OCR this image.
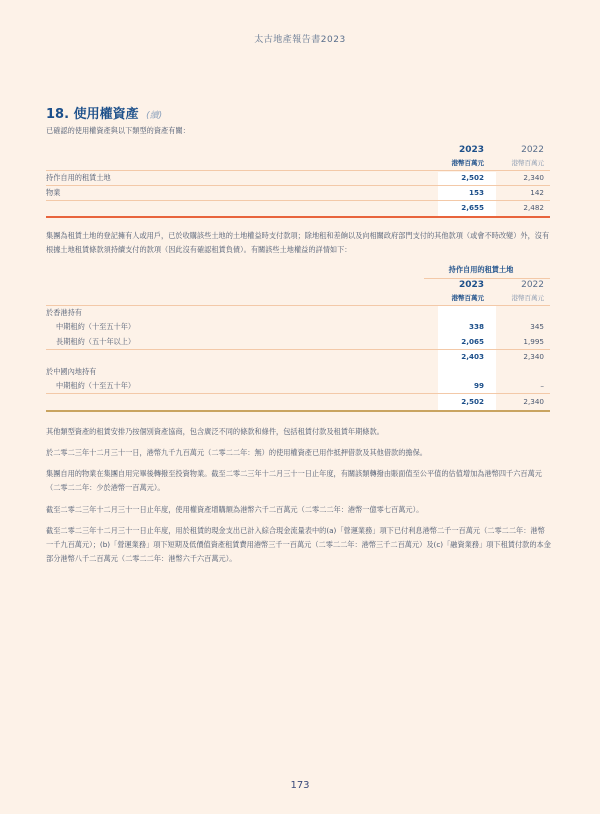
太古地產報告書2023
18. 使用權資產 (續)
已確認的使用權資產與以下類型的資產有關：
2023	2022
港幣百萬元	港幣百萬元
持作自用的租賃土地	2,502	2,340
物業	153	142
2,655	2,482
集團為租賃土地的登記擁有人或用戶，已於收購該些土地的土地權益時支付款項；除地租和差餉以及向相關政府部門支付的其他款項（或會不時改變）外，沒有根據土地租賃條款須持續支付的款項（因此沒有確認租賃負債）。有關該些土地權益的詳情如下：
持作自用的租賃土地
2023	2022
港幣百萬元	港幣百萬元
於香港持有
中期租約（十至五十年）	338	345
長期租約（五十年以上）	2,065	1,995
2,403	2,340
於中國內地持有
中期租約（十至五十年）	99	–
2,502	2,340
其他類型資產的租賃安排乃按個別資產協商，包含廣泛不同的條款和條件，包括租賃付款及租賃年期條款。
於二零二三年十二月三十一日，港幣九千九百萬元（二零二二年：無）的使用權資產已用作抵押借款及其他借款的擔保。
集團自用的物業在集團自用完畢後轉撥至投資物業。截至二零二三年十二月三十一日止年度，有關該類轉撥由賬面值至公平值的估值增加為港幣四千六百萬元（二零二二年：少於港幣一百萬元）。
截至二零二三年十二月三十一日止年度，使用權資產增購額為港幣六千二百萬元（二零二二年：港幣一億零七百萬元）。
截至二零二三年十二月三十一日止年度，用於租賃的現金支出已計入綜合現金流量表中的(a)「營運業務」項下已付利息港幣二千一百萬元（二零二二年：港幣一千九百萬元）；(b)「營運業務」項下短期及低價值資產租賃費用港幣三千一百萬元（二零二二年：港幣三千二百萬元）及(c)「融資業務」項下租賃付款的本金部分港幣八千二百萬元（二零二二年：港幣六千六百萬元）。
173
